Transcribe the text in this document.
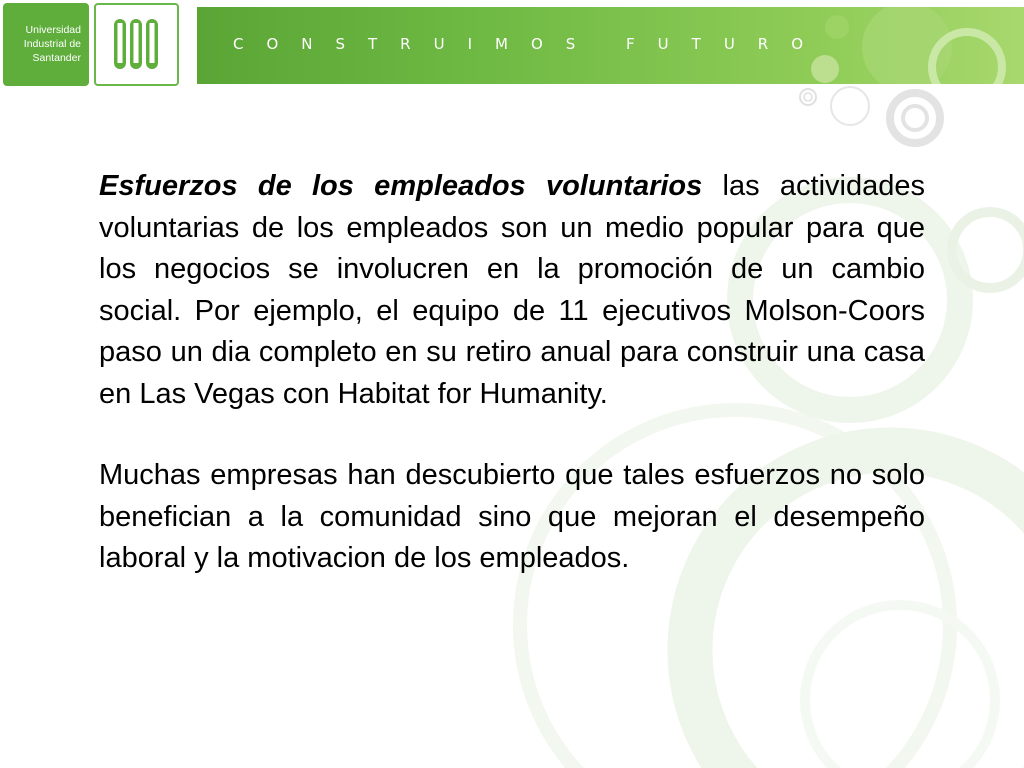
Universidad
Industrial de
Santander
CONSTRUIMOS FUTURO

Esfuerzos de los empleados voluntarios las actividades voluntarias de los empleados son un medio popular para que los negocios se involucren en la promoción de un cambio social. Por ejemplo, el equipo de 11 ejecutivos Molson-Coors paso un dia completo en su retiro anual para construir una casa en Las Vegas con Habitat for Humanity.

Muchas empresas han descubierto que tales esfuerzos no solo benefician a la comunidad sino que mejoran el desempeño laboral y la motivacion de los empleados.
